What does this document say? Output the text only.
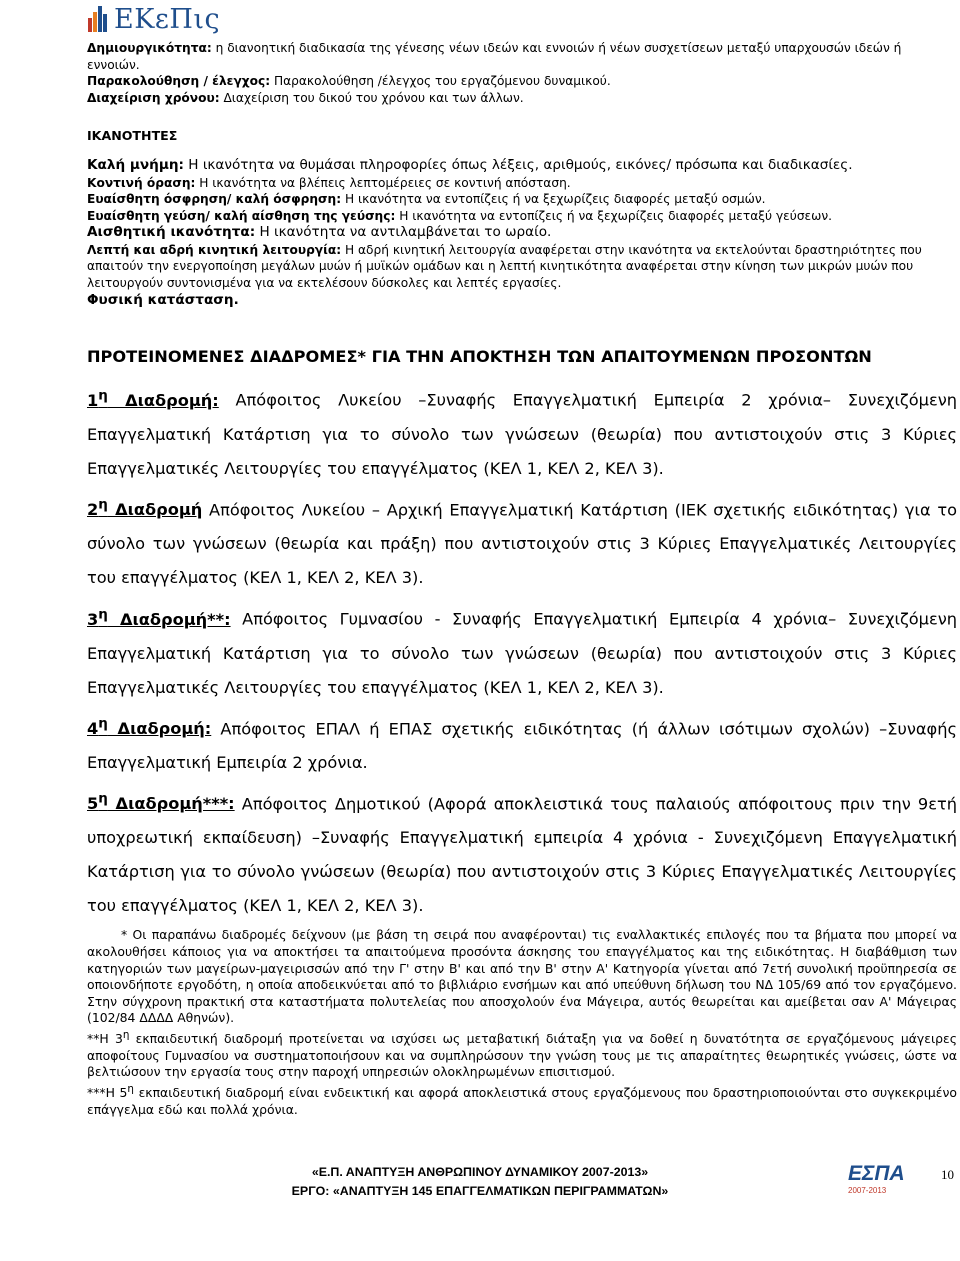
ΕΚεΠις

Δημιουργικότητα: η διανοητική διαδικασία της γένεσης νέων ιδεών και εννοιών ή νέων συσχετίσεων μεταξύ υπαρχουσών ιδεών ή εννοιών.

Παρακολούθηση / έλεγχος: Παρακολούθηση /έλεγχος του εργαζόμενου δυναμικού.

Διαχείριση χρόνου: Διαχείριση του δικού του χρόνου και των άλλων.

ΙΚΑΝΟΤΗΤΕΣ

Καλή μνήμη: Η ικανότητα να θυμάσαι πληροφορίες όπως λέξεις, αριθμούς, εικόνες/ πρόσωπα και διαδικασίες.

Κοντινή όραση: Η ικανότητα να βλέπεις λεπτομέρειες σε κοντινή απόσταση.

Ευαίσθητη όσφρηση/ καλή όσφρηση: Η ικανότητα να εντοπίζεις ή να ξεχωρίζεις διαφορές μεταξύ οσμών.

Ευαίσθητη γεύση/ καλή αίσθηση της γεύσης: Η ικανότητα να εντοπίζεις ή να ξεχωρίζεις διαφορές μεταξύ γεύσεων.

Αισθητική ικανότητα: Η ικανότητα να αντιλαμβάνεται το ωραίο.

Λεπτή και αδρή κινητική λειτουργία: Η αδρή κινητική λειτουργία αναφέρεται στην ικανότητα να εκτελούνται δραστηριότητες που απαιτούν την ενεργοποίηση μεγάλων μυών ή μυϊκών ομάδων και η λεπτή κινητικότητα αναφέρεται στην κίνηση των μικρών μυών που λειτουργούν συντονισμένα για να εκτελέσουν δύσκολες και λεπτές εργασίες.

Φυσική κατάσταση.

ΠΡΟΤΕΙΝΟΜΕΝΕΣ ΔΙΑΔΡΟΜΕΣ* ΓΙΑ ΤΗΝ ΑΠΟΚΤΗΣΗ ΤΩΝ ΑΠΑΙΤΟΥΜΕΝΩΝ ΠΡΟΣΟΝΤΩΝ

$1^\eta$ Διαδρομή: Απόφοιτος Λυκείου –Συναφής Επαγγελματική Εμπειρία 2 χρόνια– Συνεχιζόμενη Επαγγελματική Κατάρτιση για το σύνολο των γνώσεων (θεωρία) που αντιστοιχούν στις 3 Κύριες Επαγγελματικές Λειτουργίες του επαγγέλματος (ΚΕΛ 1, ΚΕΛ 2, ΚΕΛ 3).

$2^\eta$ Διαδρομή Απόφοιτος Λυκείου – Αρχική Επαγγελματική Κατάρτιση (ΙΕΚ σχετικής ειδικότητας) για το σύνολο των γνώσεων (θεωρία και πράξη) που αντιστοιχούν στις 3 Κύριες Επαγγελματικές Λειτουργίες του επαγγέλματος (ΚΕΛ 1, ΚΕΛ 2, ΚΕΛ 3).

$3^\eta$ Διαδρομή**: Απόφοιτος Γυμνασίου - Συναφής Επαγγελματική Εμπειρία 4 χρόνια– Συνεχιζόμενη Επαγγελματική Κατάρτιση για το σύνολο των γνώσεων (θεωρία) που αντιστοιχούν στις 3 Κύριες Επαγγελματικές Λειτουργίες του επαγγέλματος (ΚΕΛ 1, ΚΕΛ 2, ΚΕΛ 3).

$4^\eta$ Διαδρομή: Απόφοιτος ΕΠΑΛ ή ΕΠΑΣ σχετικής ειδικότητας (ή άλλων ισότιμων σχολών) –Συναφής Επαγγελματική Εμπειρία 2 χρόνια.

$5^\eta$ Διαδρομή***: Απόφοιτος Δημοτικού (Αφορά αποκλειστικά τους παλαιούς απόφοιτους πριν την 9ετή υποχρεωτική εκπαίδευση) –Συναφής Επαγγελματική εμπειρία 4 χρόνια - Συνεχιζόμενη Επαγγελματική Κατάρτιση για το σύνολο γνώσεων (θεωρία) που αντιστοιχούν στις 3 Κύριες Επαγγελματικές Λειτουργίες του επαγγέλματος (ΚΕΛ 1, ΚΕΛ 2, ΚΕΛ 3).

* Οι παραπάνω διαδρομές δείχνουν (με βάση τη σειρά που αναφέρονται) τις εναλλακτικές επιλογές που τα βήματα που μπορεί να ακολουθήσει κάποιος για να αποκτήσει τα απαιτούμενα προσόντα άσκησης του επαγγέλματος και της ειδικότητας. Η διαβάθμιση των κατηγοριών των μαγείρων-μαγειρισσών από την Γ' στην Β' και από την Β' στην Α' Κατηγορία γίνεται από 7ετή συνολική προϋπηρεσία σε οποιονδήποτε εργοδότη, η οποία αποδεικνύεται από το βιβλιάριο ενσήμων και από υπεύθυνη δήλωση του ΝΔ 105/69 από τον εργαζόμενο. Στην σύγχρονη πρακτική στα καταστήματα πολυτελείας που αποσχολούν ένα Μάγειρα, αυτός θεωρείται και αμείβεται σαν Α' Μάγειρας (102/84 ΔΔΔΔ Αθηνών).

**Η $3^\eta$ εκπαιδευτική διαδρομή προτείνεται να ισχύσει ως μεταβατική διάταξη για να δοθεί η δυνατότητα σε εργαζόμενους μάγειρες αποφοίτους Γυμνασίου να συστηματοποιήσουν και να συμπληρώσουν την γνώση τους με τις απαραίτητες θεωρητικές γνώσεις, ώστε να βελτιώσουν την εργασία τους στην παροχή υπηρεσιών ολοκληρωμένων επισιτισμού.

***Η $5^\eta$ εκπαιδευτική διαδρομή είναι ενδεικτική και αφορά αποκλειστικά στους εργαζόμενους που δραστηριοποιούνται στο συγκεκριμένο επάγγελμα εδώ και πολλά χρόνια.

«Ε.Π. ΑΝΑΠΤΥΞΗ ΑΝΘΡΩΠΙΝΟΥ ΔΥΝΑΜΙΚΟΥ 2007-2013»
ΕΡΓΟ: «ΑΝΑΠΤΥΞΗ 145 ΕΠΑΓΓΕΛΜΑΤΙΚΩΝ ΠΕΡΙΓΡΑΜΜΑΤΩΝ»
ΕΣΠΑ
2007-2013
10
